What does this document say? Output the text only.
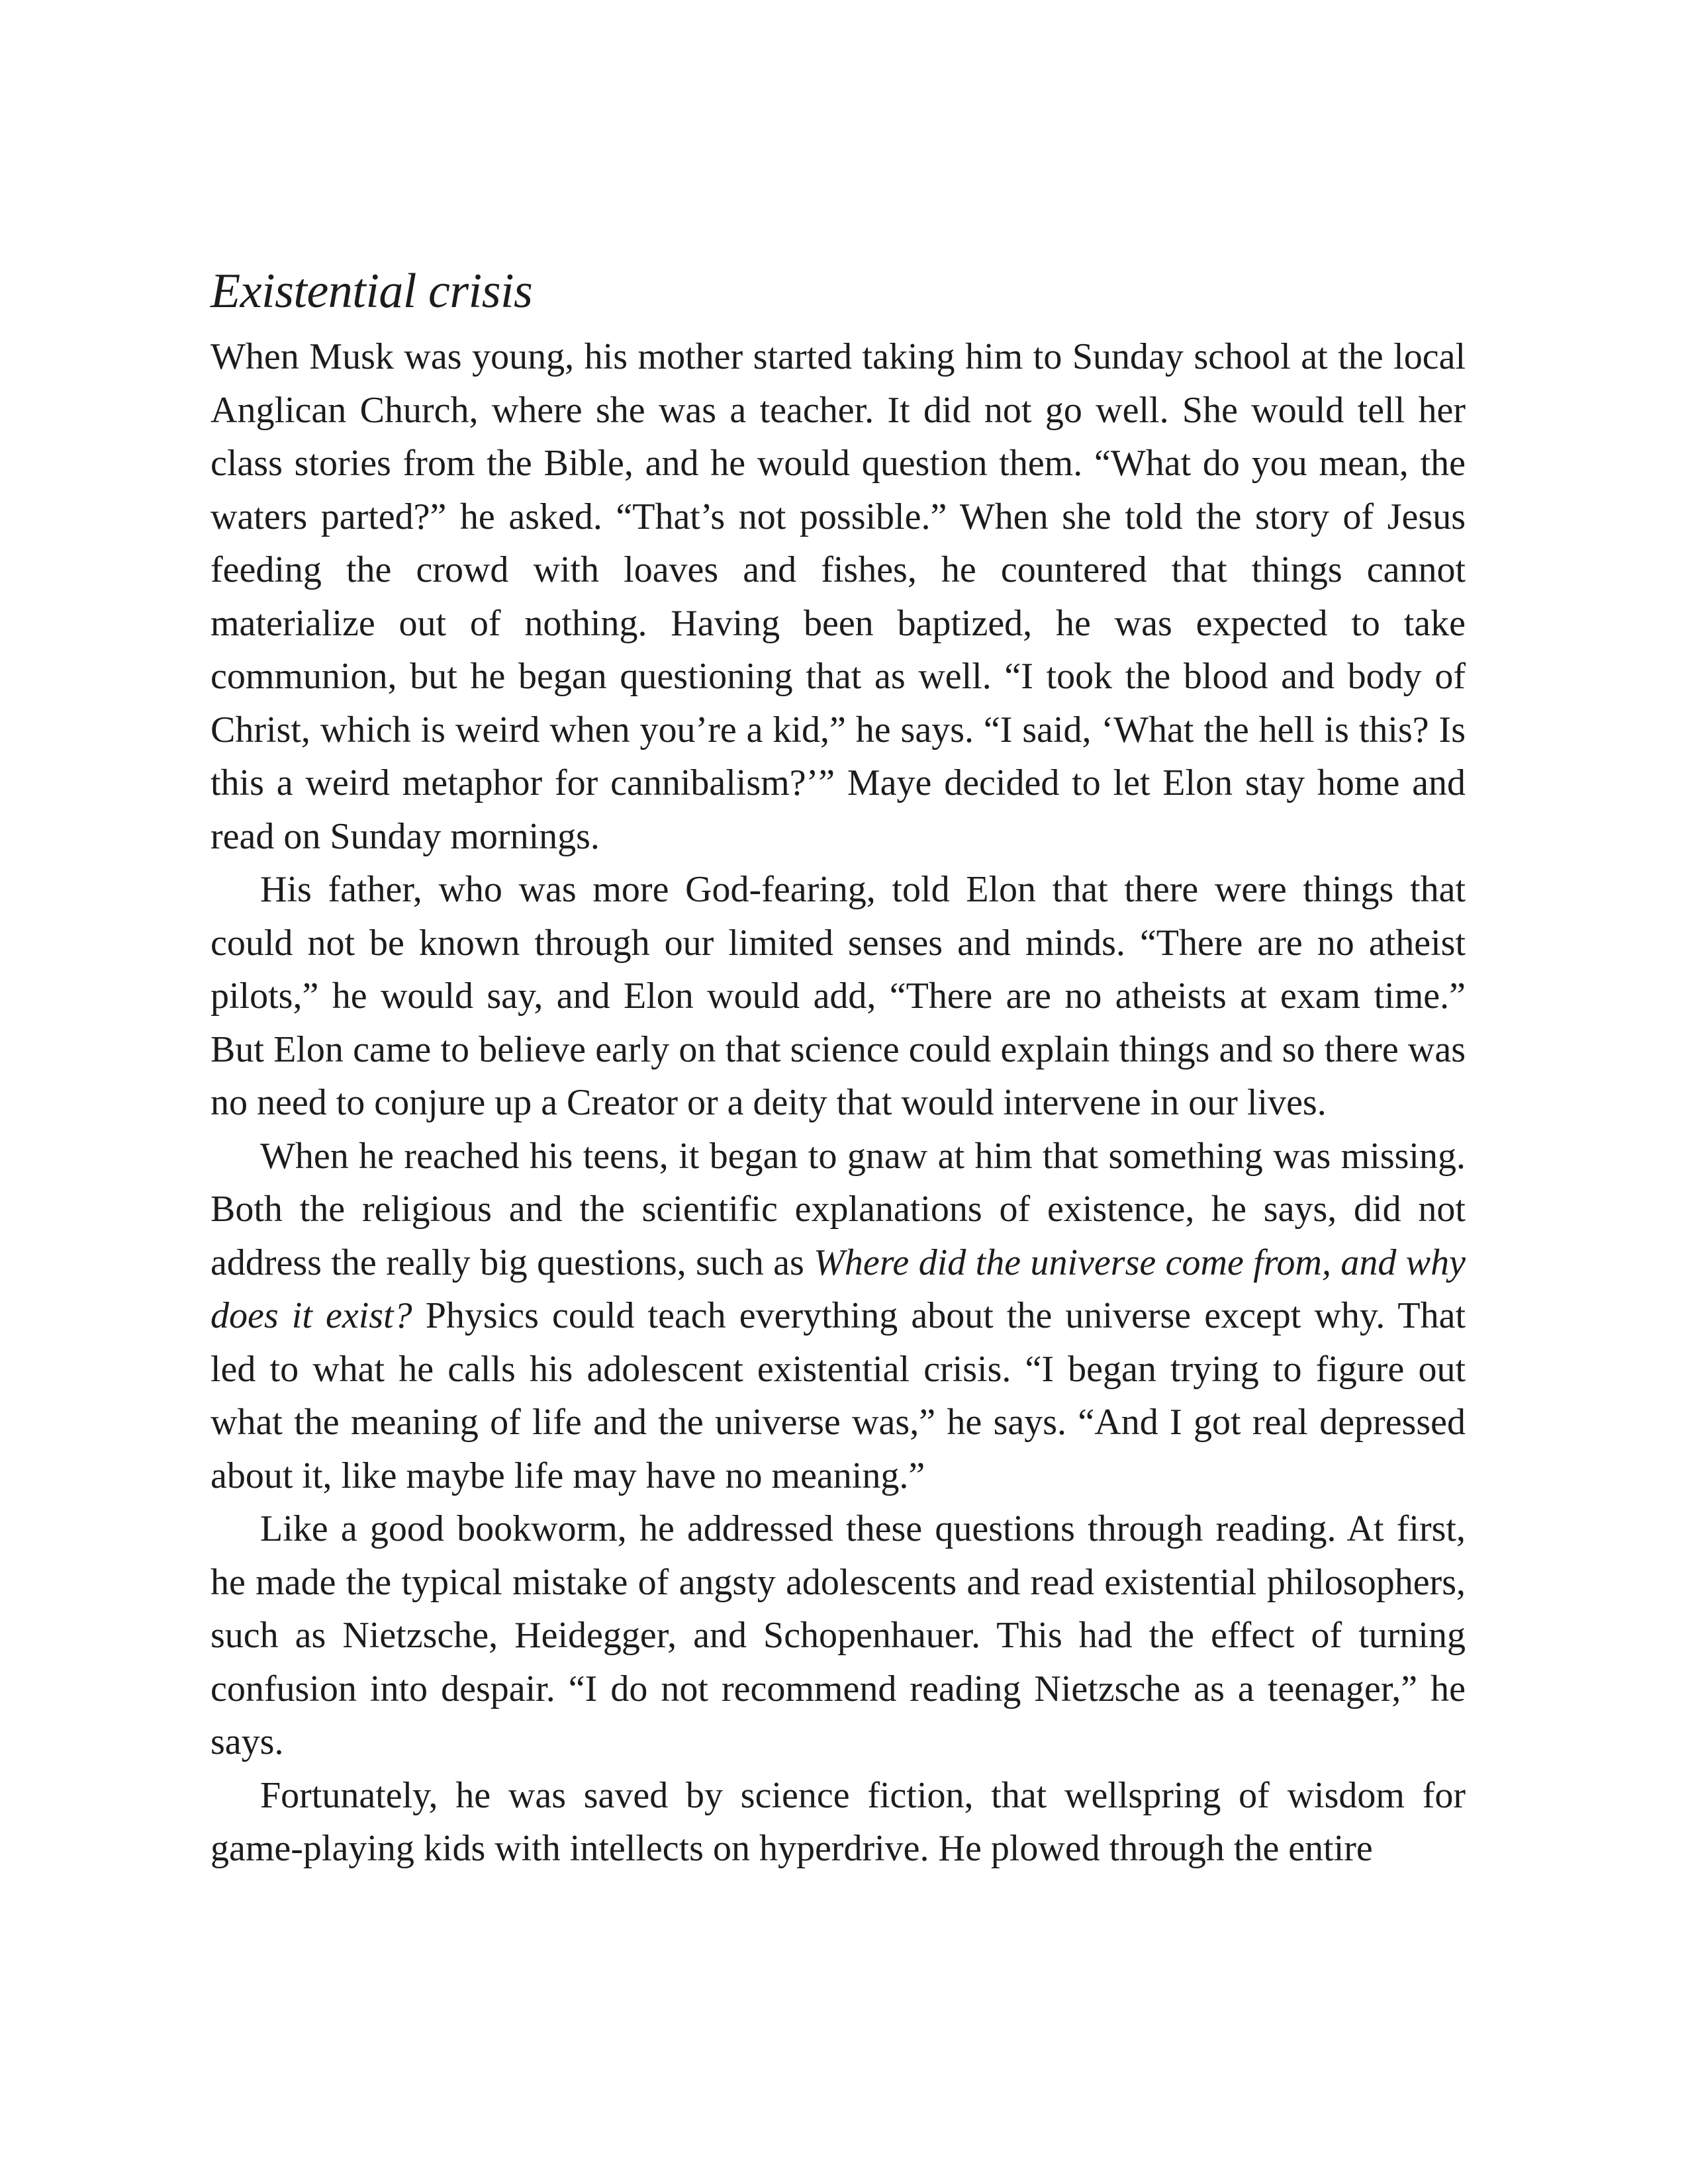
Existential crisis

When Musk was young, his mother started taking him to Sunday school at the local Anglican Church, where she was a teacher. It did not go well. She would tell her class stories from the Bible, and he would question them. “What do you mean, the waters parted?” he asked. “That’s not possible.” When she told the story of Jesus feeding the crowd with loaves and fishes, he countered that things cannot materialize out of nothing. Having been baptized, he was expected to take communion, but he began questioning that as well. “I took the blood and body of Christ, which is weird when you’re a kid,” he says. “I said, ‘What the hell is this? Is this a weird metaphor for cannibalism?’” Maye decided to let Elon stay home and read on Sunday mornings.

His father, who was more God-fearing, told Elon that there were things that could not be known through our limited senses and minds. “There are no atheist pilots,” he would say, and Elon would add, “There are no atheists at exam time.” But Elon came to believe early on that science could explain things and so there was no need to conjure up a Creator or a deity that would intervene in our lives.

When he reached his teens, it began to gnaw at him that something was missing. Both the religious and the scientific explanations of existence, he says, did not address the really big questions, such as Where did the universe come from, and why does it exist? Physics could teach everything about the universe except why. That led to what he calls his adolescent existential crisis. “I began trying to figure out what the meaning of life and the universe was,” he says. “And I got real depressed about it, like maybe life may have no meaning.”

Like a good bookworm, he addressed these questions through reading. At first, he made the typical mistake of angsty adolescents and read existential philosophers, such as Nietzsche, Heidegger, and Schopenhauer. This had the effect of turning confusion into despair. “I do not recommend reading Nietzsche as a teenager,” he says.

Fortunately, he was saved by science fiction, that wellspring of wisdom for game-playing kids with intellects on hyperdrive. He plowed through the entire
